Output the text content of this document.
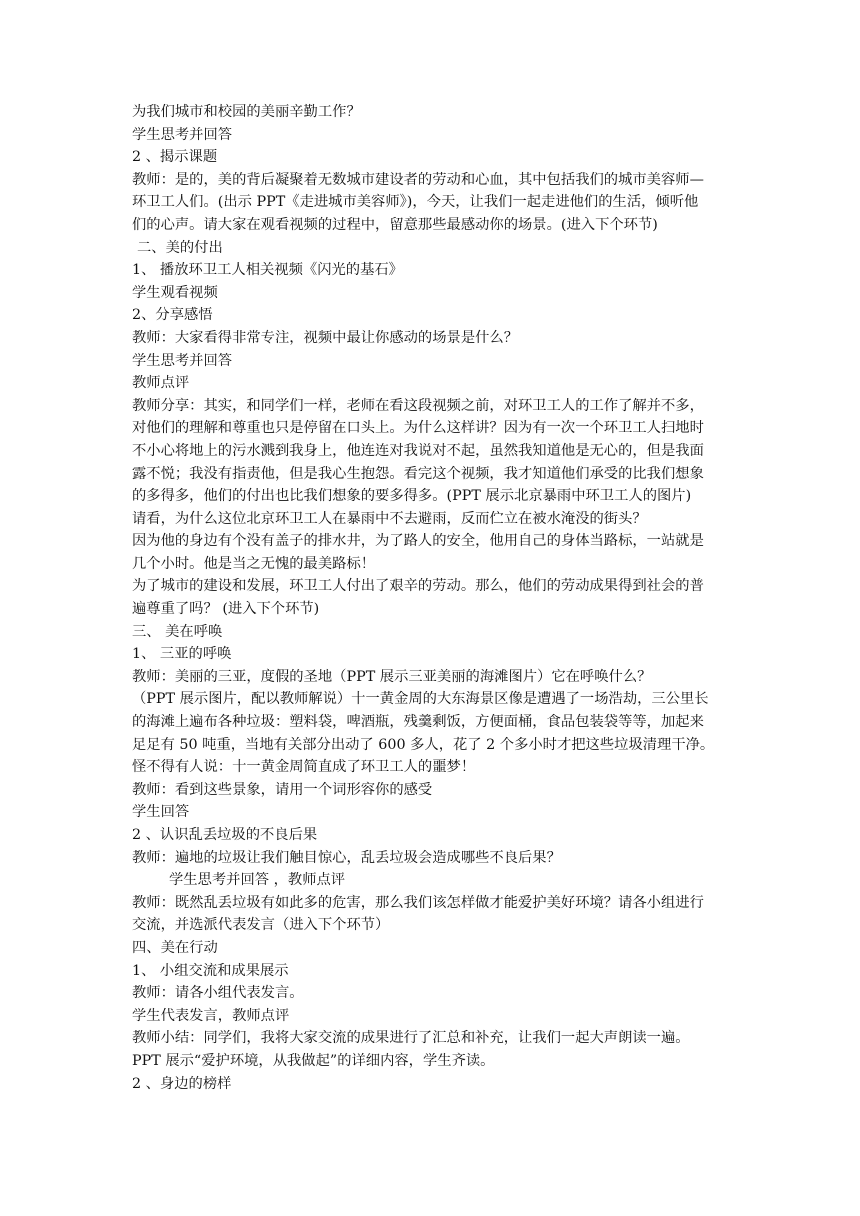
为我们城市和校园的美丽辛勤工作？
学生思考并回答
2 、揭示课题
教师：是的，美的背后凝聚着无数城市建设者的劳动和心血，其中包括我们的城市美容师—
环卫工人们。(出示 PPT《走进城市美容师》)，今天，让我们一起走进他们的生活，倾听他
们的心声。请大家在观看视频的过程中，留意那些最感动你的场景。(进入下个环节)
二、美的付出
1、 播放环卫工人相关视频《闪光的基石》
学生观看视频
2、分享感悟
教师：大家看得非常专注，视频中最让你感动的场景是什么？
学生思考并回答
教师点评
教师分享：其实，和同学们一样，老师在看这段视频之前，对环卫工人的工作了解并不多，
对他们的理解和尊重也只是停留在口头上。为什么这样讲？因为有一次一个环卫工人扫地时
不小心将地上的污水溅到我身上，他连连对我说对不起，虽然我知道他是无心的，但是我面
露不悦；我没有指责他，但是我心生抱怨。看完这个视频，我才知道他们承受的比我们想象
的多得多，他们的付出也比我们想象的要多得多。(PPT 展示北京暴雨中环卫工人的图片)
请看，为什么这位北京环卫工人在暴雨中不去避雨，反而伫立在被水淹没的街头？
因为他的身边有个没有盖子的排水井，为了路人的安全，他用自己的身体当路标，一站就是
几个小时。他是当之无愧的最美路标！
为了城市的建设和发展，环卫工人付出了艰辛的劳动。那么，他们的劳动成果得到社会的普
遍尊重了吗？ (进入下个环节)
三、 美在呼唤
1、 三亚的呼唤
教师：美丽的三亚，度假的圣地（PPT 展示三亚美丽的海滩图片）它在呼唤什么？
（PPT 展示图片，配以教师解说）十一黄金周的大东海景区像是遭遇了一场浩劫，三公里长
的海滩上遍布各种垃圾：塑料袋，啤酒瓶，残羹剩饭，方便面桶，食品包装袋等等，加起来
足足有 50 吨重，当地有关部分出动了 600 多人，花了 2 个多小时才把这些垃圾清理干净。
怪不得有人说：十一黄金周简直成了环卫工人的噩梦！
教师：看到这些景象，请用一个词形容你的感受
学生回答
2 、认识乱丢垃圾的不良后果
教师：遍地的垃圾让我们触目惊心，乱丢垃圾会造成哪些不良后果？
学生思考并回答 ，教师点评
教师：既然乱丢垃圾有如此多的危害，那么我们该怎样做才能爱护美好环境？请各小组进行
交流，并选派代表发言（进入下个环节）
四、美在行动
1、 小组交流和成果展示
教师：请各小组代表发言。
学生代表发言，教师点评
教师小结：同学们，我将大家交流的成果进行了汇总和补充，让我们一起大声朗读一遍。
PPT 展示“爱护环境，从我做起”的详细内容，学生齐读。
2 、身边的榜样
